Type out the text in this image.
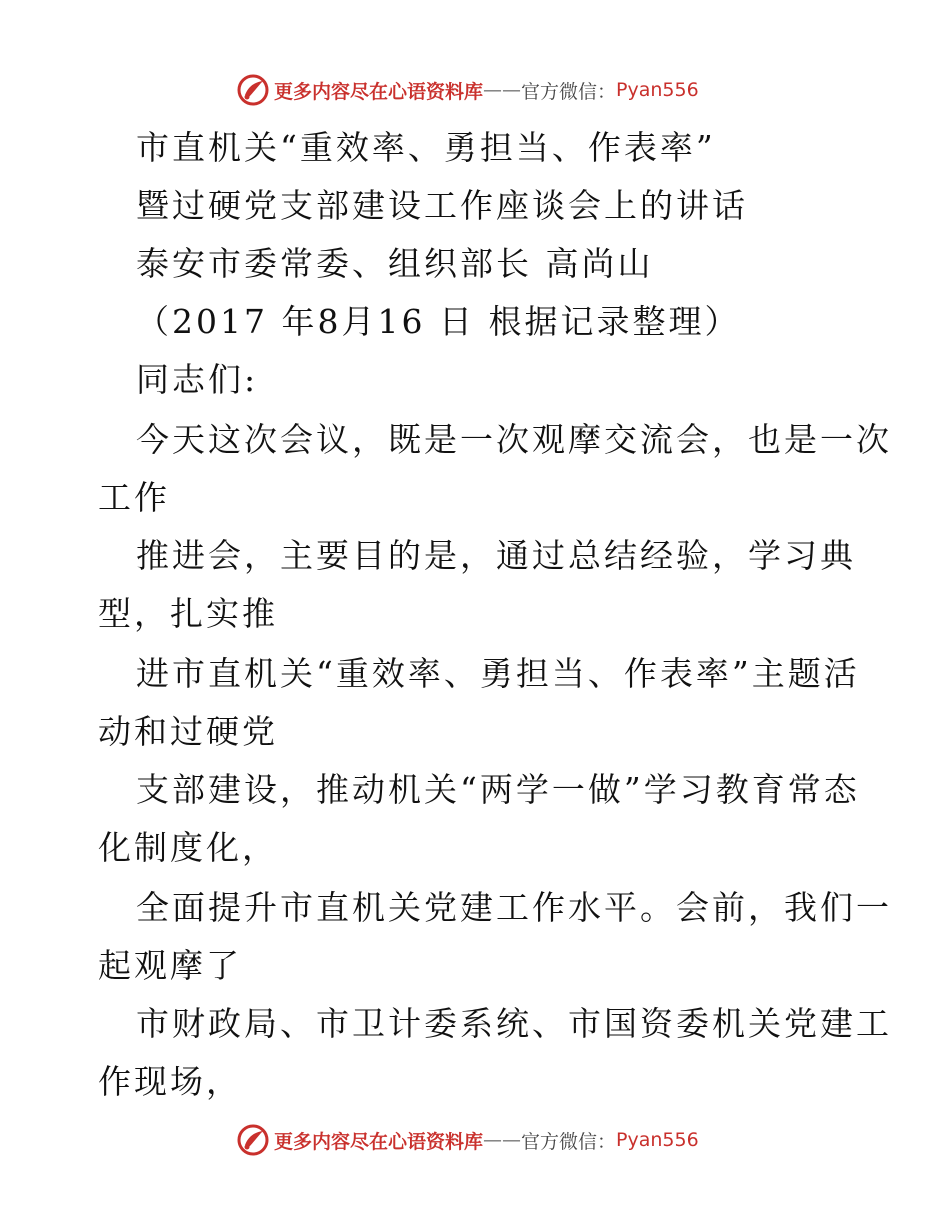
更多内容尽在心语资料库 —— 官方微信： Pyan556

市直机关“重效率、勇担当、作表率”

暨过硬党支部建设工作座谈会上的讲话

泰安市委常委、组织部长 高尚山

（2017 年8月16 日 根据记录整理）

同志们:

今天这次会议，既是一次观摩交流会，也是一次

工作

推进会，主要目的是，通过总结经验，学习典

型，扎实推

进市直机关“重效率、勇担当、作表率”主题活

动和过硬党

支部建设，推动机关“两学一做”学习教育常态

化制度化，

全面提升市直机关党建工作水平。会前，我们一

起观摩了

市财政局、市卫计委系统、市国资委机关党建工

作现场，

更多内容尽在心语资料库 —— 官方微信： Pyan556
